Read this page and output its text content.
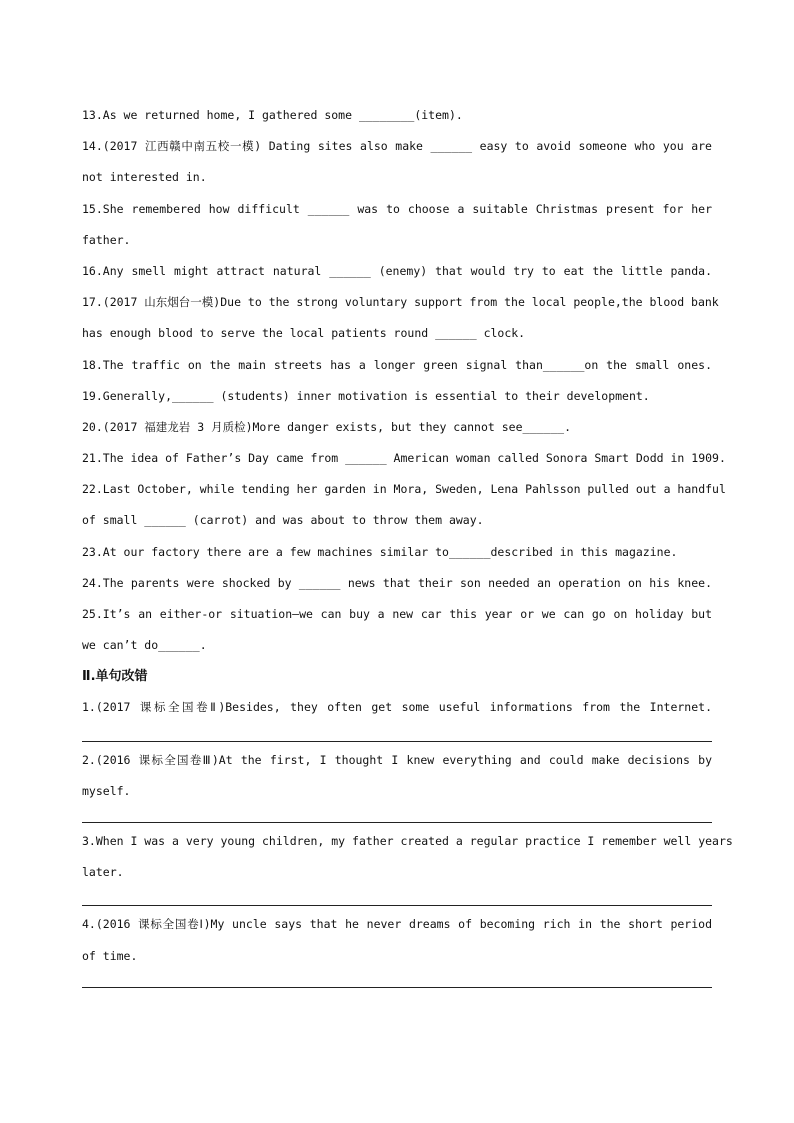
13.As we returned home, I gathered some ________(item).
14.(2017 江西赣中南五校一模) Dating sites also make ______ easy to avoid someone who you are
not interested in.
15.She remembered how difficult ______ was to choose a suitable Christmas present for her
father.
16.Any smell might attract natural ______ (enemy) that would try to eat the little panda.
17.(2017 山东烟台一模)Due to the strong voluntary support from the local people,the blood bank
has enough blood to serve the local patients round ______ clock.
18.The traffic on the main streets has a longer green signal than______on the small ones.
19.Generally,______ (students) inner motivation is essential to their development.
20.(2017 福建龙岩 3 月质检)More danger exists, but they cannot see______.
21.The idea of Father’s Day came from ______ American woman called Sonora Smart Dodd in 1909.
22.Last October, while tending her garden in Mora, Sweden, Lena Pahlsson pulled out a handful
of small ______ (carrot) and was about to throw them away.
23.At our factory there are a few machines similar to______described in this magazine.
24.The parents were shocked by ______ news that their son needed an operation on his knee.
25.It’s an either-or situation—we can buy a new car this year or we can go on holiday but
we can’t do______.
Ⅱ.单句改错
1.(2017 课标全国卷Ⅱ)Besides, they often get some useful informations from the Internet.
2.(2016 课标全国卷Ⅲ)At the first, I thought I knew everything and could make decisions by
myself.
3.When I was a very young children, my father created a regular practice I remember well years
later.
4.(2016 课标全国卷Ⅰ)My uncle says that he never dreams of becoming rich in the short period
of time.
